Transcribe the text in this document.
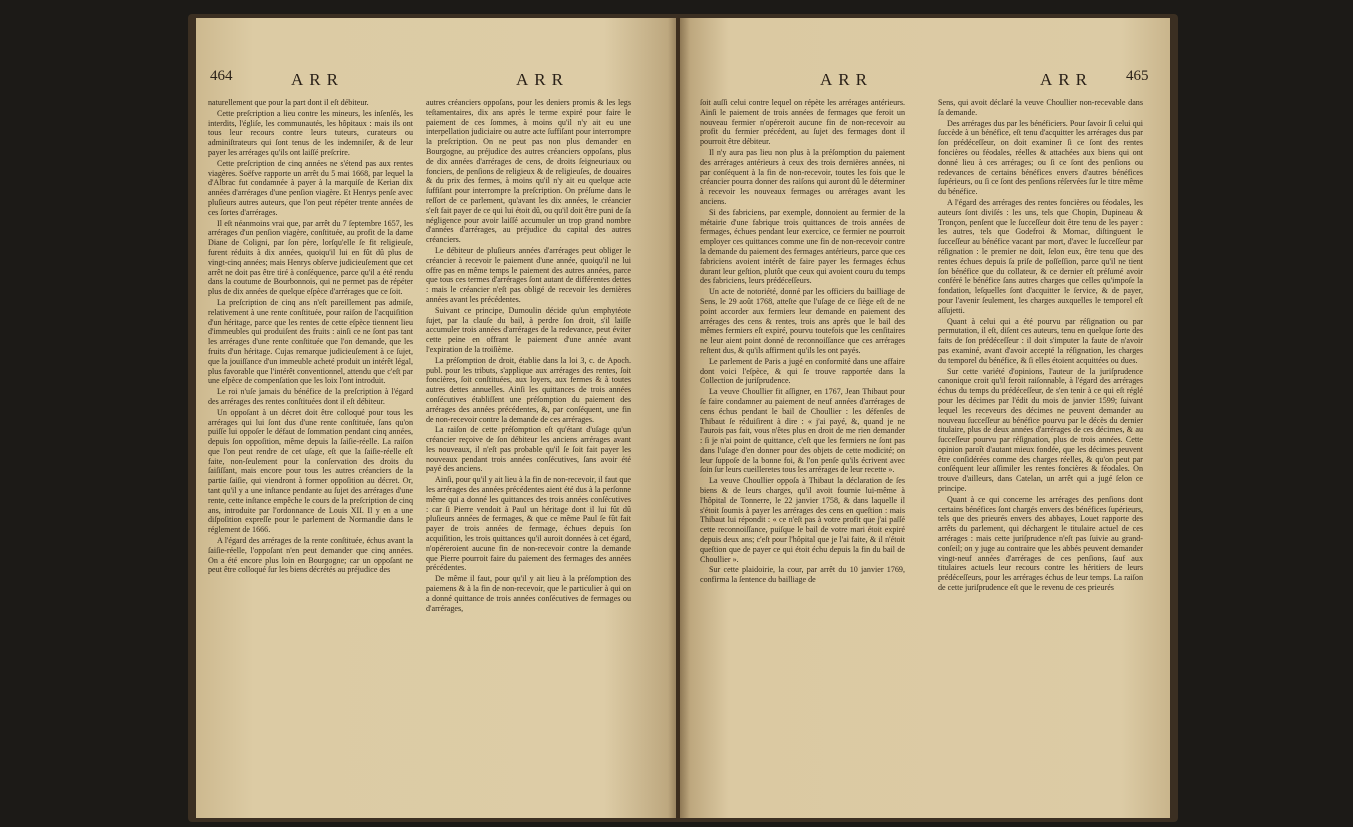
464	ARR	ARR

naturellement que pour la part dont il eſt débiteur.

Cette preſcription a lieu contre les mineurs, les inſenſés, les interdits, l'égliſe, les communautés, les hôpitaux : mais ils ont tous leur recours contre leurs tuteurs, curateurs ou adminiſtrateurs qui ſont tenus de les indemniſer, & de leur payer les arrérages qu'ils ont laiſſé preſcrire.

Cette preſcription de cinq années ne s'étend pas aux rentes viagères. Soëfve rapporte un arrêt du 5 mai 1668, par lequel la d'Albrac fut condamnée à payer à la marquiſe de Kerian dix années d'arrérages d'une penſion viagère. Et Henrys penſe avec pluſieurs autres auteurs, que l'on peut répéter trente années de ces ſortes d'arrérages.

Il eſt néanmoins vrai que, par arrêt du 7 ſeptembre 1657, les arrérages d'un penſion viagère, conſtituée, au profit de la dame Diane de Coligni, par ſon père, lorſqu'elle ſe fit religieuſe, furent réduits à dix années, quoiqu'il lui en fût dû plus de vingt-cinq années; mais Henrys obſerve judicieuſement que cet arrêt ne doit pas être tiré à conſéquence, parce qu'il a été rendu dans la coutume de Bourbonnois, qui ne permet pas de répéter plus de dix années de quelque eſpèce d'arrérages que ce ſoit.

La preſcription de cinq ans n'eſt pareillement pas admiſe, relativement à une rente conſtituée, pour raiſon de l'acquiſition d'un héritage, parce que les rentes de cette eſpèce tiennent lieu d'immeubles qui produiſent des fruits : ainſi ce ne ſont pas tant les arrérages d'une rente conſtituée que l'on demande, que les fruits d'un héritage. Cujas remarque judicieuſement à ce ſujet, que la jouiſſance d'un immeuble acheté produit un intérêt légal, plus favorable que l'intérêt conventionnel, attendu que c'eſt par une eſpèce de compenſation que les loix l'ont introduit.

Le roi n'uſe jamais du bénéfice de la preſcription à l'égard des arrérages des rentes conſtituées dont il eſt débiteur.

Un oppoſant à un décret doit être colloqué pour tous les arrérages qui lui ſont dus d'une rente conſtituée, ſans qu'on puiſſe lui oppoſer le défaut de ſommation pendant cinq années, depuis ſon oppoſition, même depuis la ſaiſie-réelle. La raiſon que l'on peut rendre de cet uſage, eſt que la ſaiſie-réelle eſt faite, non-ſeulement pour la conſervation des droits du ſaiſiſſant, mais encore pour tous les autres créanciers de la partie ſaiſie, qui viendront à former oppoſition au décret. Or, tant qu'il y a une inſtance pendante au ſujet des arrérages d'une rente, cette inſtance empêche le cours de la preſcription de cinq ans, introduite par l'ordonnance de Louis XII. Il y en a une diſpoſition expreſſe pour le parlement de Normandie dans le réglement de 1666.

A l'égard des arrérages de la rente conſtituée, échus avant la ſaiſie-réelle, l'oppoſant n'en peut demander que cinq années. On a été encore plus loin en Bourgogne; car un oppoſant ne peut être colloqué ſur les biens décrétés au préjudice des

autres créanciers oppoſans, pour les deniers promis & les legs teſtamentaires, dix ans après le terme expiré pour faire le paiement de ces ſommes, à moins qu'il n'y ait eu une interpellation judiciaire ou autre acte ſuffiſant pour interrompre la preſcription. On ne peut pas non plus demander en Bourgogne, au préjudice des autres créanciers oppoſans, plus de dix années d'arrérages de cens, de droits ſeigneuriaux ou fonciers, de penſions de religieux & de religieuſes, de douaires & du prix des fermes, à moins qu'il n'y ait eu quelque acte ſuffiſant pour interrompre la preſcription. On préſume dans le reſſort de ce parlement, qu'avant les dix années, le créancier s'eſt fait payer de ce qui lui étoit dû, ou qu'il doit être puni de ſa négligence pour avoir laiſſé accumuler un trop grand nombre d'années d'arrérages, au préjudice du capital des autres créanciers.

Le débiteur de pluſieurs années d'arrérages peut obliger le créancier à recevoir le paiement d'une année, quoiqu'il ne lui offre pas en même temps le paiement des autres années, parce que tous ces termes d'arrérages ſont autant de différentes dettes : mais le créancier n'eſt pas obligé de recevoir les dernières années avant les précédentes.

Suivant ce principe, Dumoulin décide qu'un emphytéote ſujet, par la clauſe du bail, à perdre ſon droit, s'il laiſſe accumuler trois années d'arrérages de la redevance, peut éviter cette peine en offrant le paiement d'une année avant l'expiration de la troiſième.

La préſomption de droit, établie dans la loi 3, c. de Apoch. publ. pour les tributs, s'applique aux arrérages des rentes, ſoit foncières, ſoit conſtituées, aux loyers, aux fermes & à toutes autres dettes annuelles. Ainſi les quittances de trois années conſécutives établiſſent une préſomption du paiement des arrérages des années précédentes, &, par conſéquent, une fin de non-recevoir contre la demande de ces arrérages.

La raiſon de cette préſomption eſt qu'étant d'uſage qu'un créancier reçoive de ſon débiteur les anciens arrérages avant les nouveaux, il n'eſt pas probable qu'il ſe ſoit fait payer les nouveaux pendant trois années conſécutives, ſans avoir été payé des anciens.

Ainſi, pour qu'il y ait lieu à la fin de non-recevoir, il faut que les arrérages des années précédentes aient été dus à la perſonne même qui a donné les quittances des trois années conſécutives : car ſi Pierre vendoit à Paul un héritage dont il lui fût dû pluſieurs années de fermages, & que ce même Paul ſe fût fait payer de trois années de fermage, échues depuis ſon acquiſition, les trois quittances qu'il auroit données à cet égard, n'opéreroient aucune fin de non-recevoir contre la demande que Pierre pourroit faire du paiement des fermages des années précédentes.

De même il faut, pour qu'il y ait lieu à la préſomption des paiemens & à la fin de non-recevoir, que le particulier à qui on a donné quittance de trois années conſécutives de fermages ou d'arrérages,

ARR	ARR 465

ſoit auſſi celui contre lequel on répète les arrérages antérieurs. Ainſi le paiement de trois années de fermages que feroit un nouveau fermier n'opéreroit aucune fin de non-recevoir au profit du fermier précédent, au ſujet des fermages dont il pourroit être débiteur.

Il n'y aura pas lieu non plus à la préſomption du paiement des arrérages antérieurs à ceux des trois dernières années, ni par conſéquent à la fin de non-recevoir, toutes les fois que le créancier pourra donner des raiſons qui auront dû le déterminer à recevoir les nouveaux fermages ou arrérages avant les anciens.

Si des fabriciens, par exemple, donnoient au fermier de la métairie d'une fabrique trois quittances de trois années de fermages, échues pendant leur exercice, ce fermier ne pourroit employer ces quittances comme une fin de non-recevoir contre la demande du paiement des fermages antérieurs, parce que ces fabriciens avoient intérêt de faire payer les fermages échus durant leur geſtion, plutôt que ceux qui avoient couru du temps des fabriciens, leurs prédéceſſeurs.

Un acte de notoriété, donné par les officiers du bailliage de Sens, le 29 août 1768, atteſte que l'uſage de ce ſiège eſt de ne point accorder aux fermiers leur demande en paiement des arrérages des cens & rentes, trois ans après que le bail des mêmes fermiers eſt expiré, pourvu toutefois que les cenſitaires ne leur aient point donné de reconnoiſſance que ces arrérages reſtent dus, & qu'ils affirment qu'ils les ont payés.

Le parlement de Paris a jugé en conformité dans une affaire dont voici l'eſpèce, & qui ſe trouve rapportée dans la Collection de juriſprudence.

La veuve Choullier fit aſſigner, en 1767, Jean Thibaut pour ſe faire condamner au paiement de neuf années d'arrérages de cens échus pendant le bail de Choullier : les défenſes de Thibaut ſe réduiſirent à dire : « j'ai payé, &, quand je ne l'aurois pas fait, vous n'êtes plus en droit de me rien demander : ſi je n'ai point de quittance, c'eſt que les fermiers ne ſont pas dans l'uſage d'en donner pour des objets de cette modicité; on leur ſuppoſe de la bonne foi, & l'on penſe qu'ils écrivent avec ſoin ſur leurs cueilleretes tous les arrérages de leur recette ».

La veuve Choullier oppoſa à Thibaut la déclaration de ſes biens & de leurs charges, qu'il avoit fournie lui-même à l'hôpital de Tonnerre, le 22 janvier 1758, & dans laquelle il s'étoit ſoumis à payer les arrérages des cens en queſtion : mais Thibaut lui répondit : « ce n'eſt pas à votre profit que j'ai paſſé cette reconnoiſſance, puiſque le bail de votre mari étoit expiré depuis deux ans; c'eſt pour l'hôpital que je l'ai faite, & il n'étoit queſtion que de payer ce qui étoit échu depuis la fin du bail de Choullier ».

Sur cette plaidoirie, la cour, par arrêt du 10 janvier 1769, confirma la ſentence du bailliage de

Sens, qui avoit déclaré la veuve Choullier non-recevable dans ſa demande.

Des arrérages dus par les bénéficiers. Pour ſavoir ſi celui qui ſuccède à un bénéfice, eſt tenu d'acquitter les arrérages dus par ſon prédéceſſeur, on doit examiner ſi ce ſont des rentes foncières ou féodales, réelles & attachées aux biens qui ont donné lieu à ces arrérages; ou ſi ce ſont des penſions ou redevances de certains bénéfices envers d'autres bénéfices ſupérieurs, ou ſi ce ſont des penſions réſervées ſur le titre même du bénéfice.

A l'égard des arrérages des rentes foncières ou féodales, les auteurs ſont diviſés : les uns, tels que Chopin, Dupineau & Tronçon, penſent que le ſucceſſeur doit être tenu de les payer : les autres, tels que Godefroi & Mornac, diſtinguent le ſucceſſeur au bénéfice vacant par mort, d'avec le ſucceſſeur par réſignation : le premier ne doit, ſelon eux, être tenu que des rentes échues depuis ſa priſe de poſſeſſion, parce qu'il ne tient ſon bénéfice que du collateur, & ce dernier eſt préſumé avoir conféré le bénéfice ſans autres charges que celles qu'impoſe la fondation, leſquelles ſont d'acquitter le ſervice, & de payer, pour l'avenir ſeulement, les charges auxquelles le temporel eſt aſſujetti.

Quant à celui qui a été pourvu par réſignation ou par permutation, il eſt, diſent ces auteurs, tenu en quelque ſorte des faits de ſon prédéceſſeur : il doit s'imputer la faute de n'avoir pas examiné, avant d'avoir accepté la réſignation, les charges du temporel du bénéfice, & ſi elles étoient acquittées ou dues.

Sur cette variété d'opinions, l'auteur de la juriſprudence canonique croit qu'il feroit raiſonnable, à l'égard des arrérages échus du temps du prédéceſſeur, de s'en tenir à ce qui eſt réglé pour les décimes par l'édit du mois de janvier 1599; ſuivant lequel les receveurs des décimes ne peuvent demander au nouveau ſucceſſeur au bénéfice pourvu par le décès du dernier titulaire, plus de deux années d'arrérages de ces décimes, & au ſucceſſeur pourvu par réſignation, plus de trois années. Cette opinion paroît d'autant mieux fondée, que les décimes peuvent être conſidérées comme des charges réelles, & qu'on peut par conſéquent leur aſſimiler les rentes foncières & féodales. On trouve d'ailleurs, dans Catelan, un arrêt qui a jugé ſelon ce principe.

Quant à ce qui concerne les arrérages des penſions dont certains bénéfices ſont chargés envers des bénéfices ſupérieurs, tels que des prieurés envers des abbayes, Louet rapporte des arrêts du parlement, qui déchargent le titulaire actuel de ces arrérages : mais cette juriſprudence n'eſt pas ſuivie au grand-conſeil; on y juge au contraire que les abbés peuvent demander vingt-neuf années d'arrérages de ces penſions, ſauf aux titulaires actuels leur recours contre les héritiers de leurs prédéceſſeurs, pour les arrérages échus de leur temps. La raiſon de cette juriſprudence eſt que le revenu de ces prieurés
